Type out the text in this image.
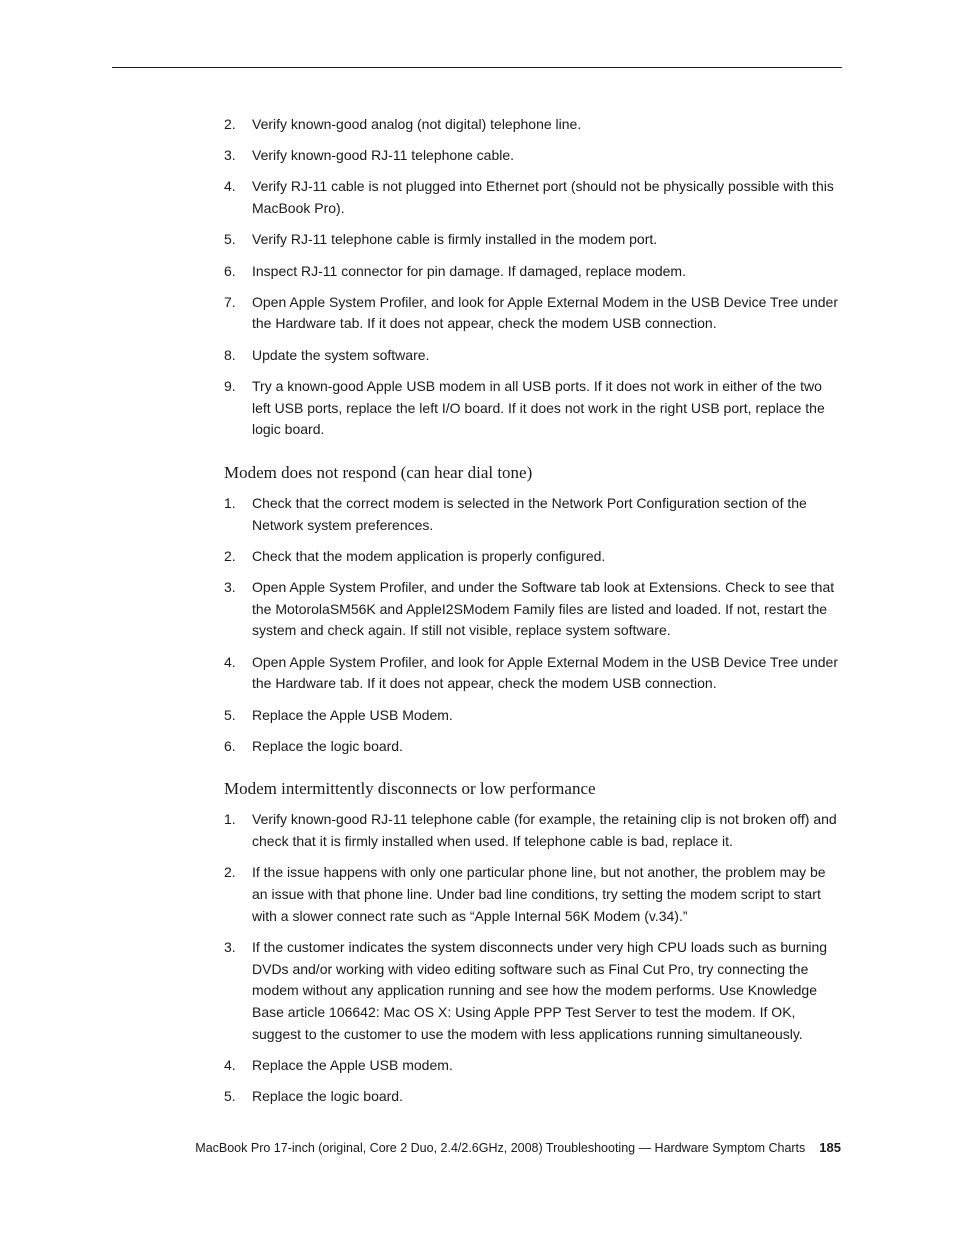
2.	Verify known-good analog (not digital) telephone line.
3.	Verify known-good RJ-11 telephone cable.
4.	Verify RJ-11 cable is not plugged into Ethernet port (should not be physically possible with this MacBook Pro).
5.	Verify RJ-11 telephone cable is firmly installed in the modem port.
6.	Inspect RJ-11 connector for pin damage. If damaged, replace modem.
7.	Open Apple System Profiler, and look for Apple External Modem in the USB Device Tree under the Hardware tab. If it does not appear, check the modem USB connection.
8.	Update the system software.
9.	Try a known-good Apple USB modem in all USB ports. If it does not work in either of the two left USB ports, replace the left I/O board. If it does not work in the right USB port, replace the logic board.
Modem does not respond (can hear dial tone)
1.	Check that the correct modem is selected in the Network Port Configuration section of the Network system preferences.
2.	Check that the modem application is properly configured.
3.	Open Apple System Profiler, and under the Software tab look at Extensions. Check to see that the MotorolaSM56K and AppleI2SModem Family files are listed and loaded. If not, restart the system and check again. If still not visible, replace system software.
4.	Open Apple System Profiler, and look for Apple External Modem in the USB Device Tree under the Hardware tab. If it does not appear, check the modem USB connection.
5.	Replace the Apple USB Modem.
6.	Replace the logic board.
Modem intermittently disconnects or low performance
1.	Verify known-good RJ-11 telephone cable (for example, the retaining clip is not broken off) and check that it is firmly installed when used. If telephone cable is bad, replace it.
2.	If the issue happens with only one particular phone line, but not another, the problem may be an issue with that phone line. Under bad line conditions, try setting the modem script to start with a slower connect rate such as “Apple Internal 56K Modem (v.34).”
3.	If the customer indicates the system disconnects under very high CPU loads such as burning DVDs and/or working with video editing software such as Final Cut Pro, try connecting the modem without any application running and see how the modem performs. Use Knowledge Base article 106642: Mac OS X: Using Apple PPP Test Server to test the modem. If OK, suggest to the customer to use the modem with less applications running simultaneously.
4.	Replace the Apple USB modem.
5.	Replace the logic board.
MacBook Pro 17-inch (original, Core 2 Duo, 2.4/2.6GHz, 2008) Troubleshooting — Hardware Symptom Charts 185
